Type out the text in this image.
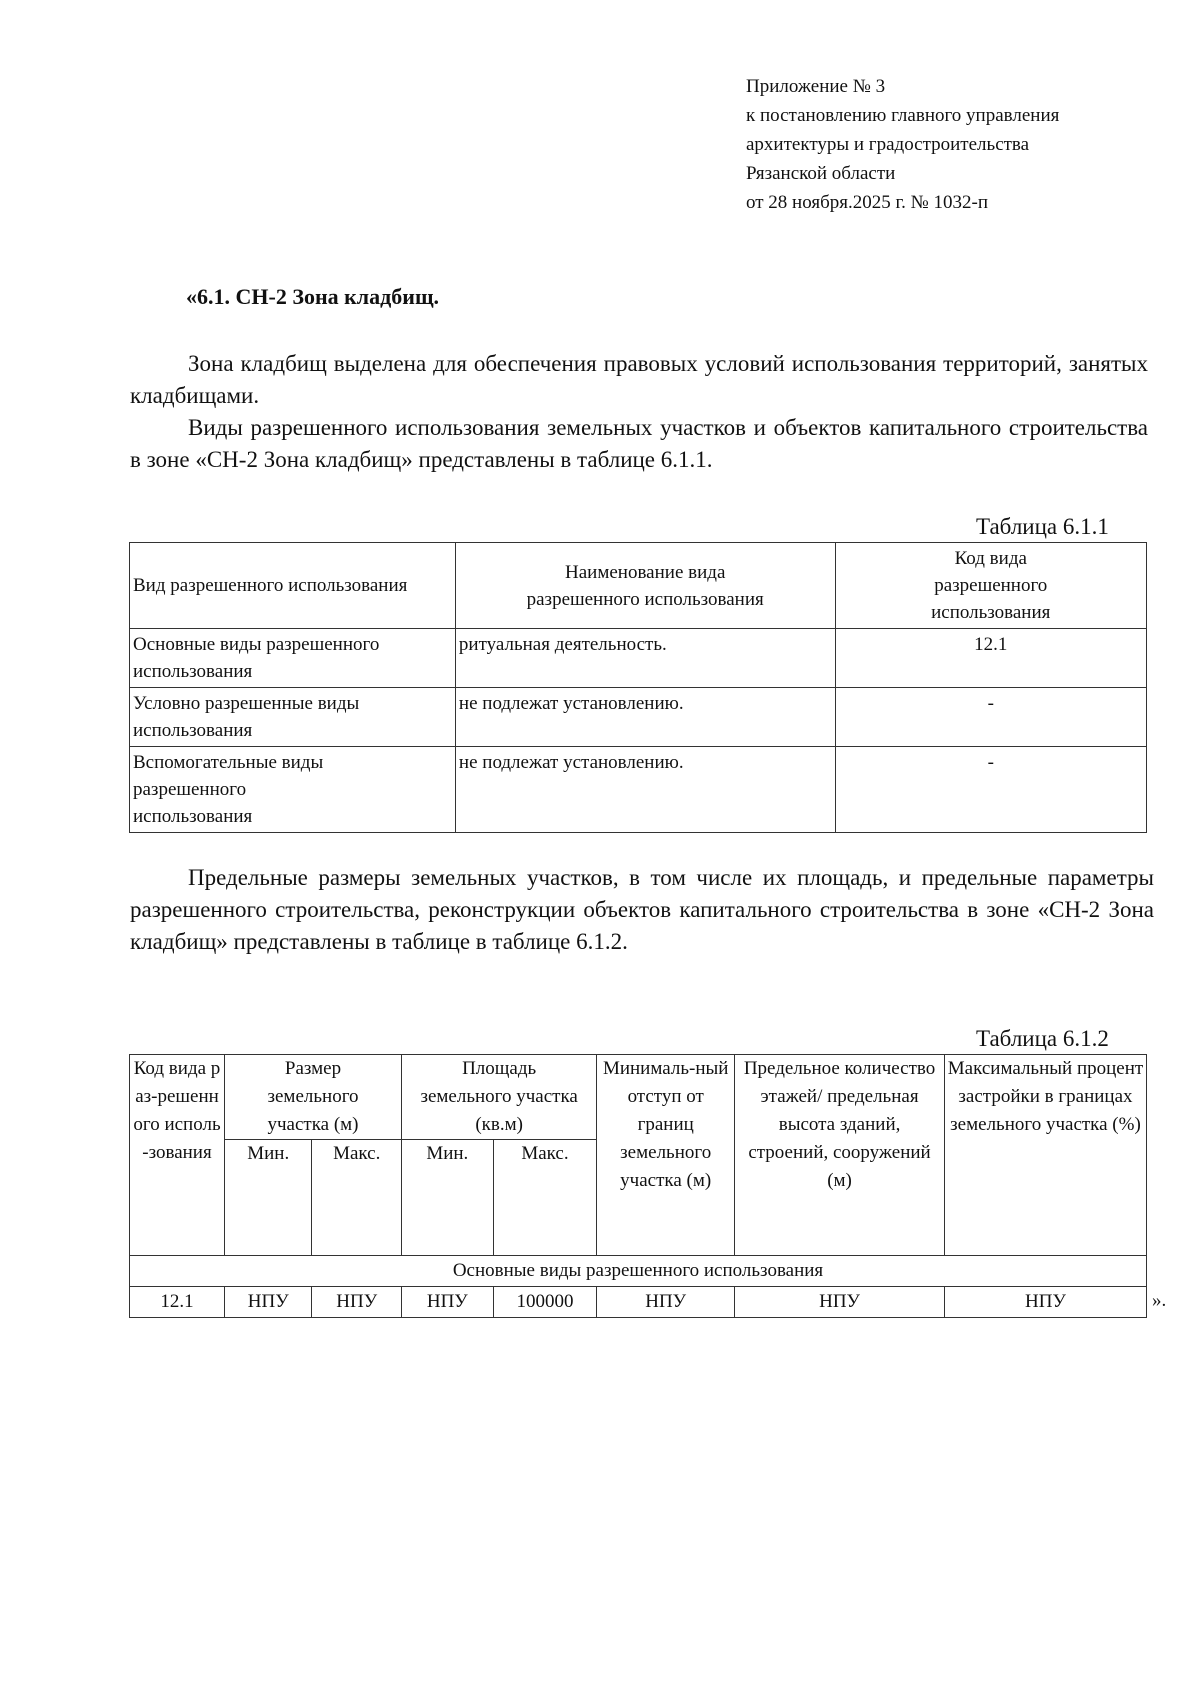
Приложение № 3
к постановлению главного управления
архитектуры и градостроительства
Рязанской области
от 28 ноября.2025 г. № 1032-п
«6.1. СН-2 Зона кладбищ.
Зона кладбищ выделена для обеспечения правовых условий использования территорий, занятых кладбищами.
Виды разрешенного использования земельных участков и объектов капитального строительства в зоне «СН-2 Зона кладбищ» представлены в таблице 6.1.1.
Таблица 6.1.1
Вид разрешенного использования	Наименование вида разрешенного использования	Код вида разрешенного использования

Основные виды разрешенного использования	ритуальная деятельность.	12.1

Условно разрешенные виды использования	не подлежат установлению.	-

Вспомогательные виды разрешенного использования	не подлежат установлению.	-
Предельные размеры земельных участков, в том числе их площадь, и предельные параметры разрешенного строительства, реконструкции объектов капитального строительства в зоне «СН-2 Зона кладбищ» представлены в таблице в таблице 6.1.2.
Таблица 6.1.2
Код вида раз-решенного исполь-зования	Размер земельного участка (м)		Площадь земельного участка (кв.м)		Минималь-ный отступ от границ земельного участка (м)	Предельное количество этажей/ предельная высота зданий, строений, сооружений (м)	Максимальный процент застройки в границах земельного участка (%)

	Мин.	Макс.	Мин.	Макс.			
Основные виды разрешенного использования							
12.1	НПУ	НПУ	НПУ	100000	НПУ	НПУ	НПУ	».
